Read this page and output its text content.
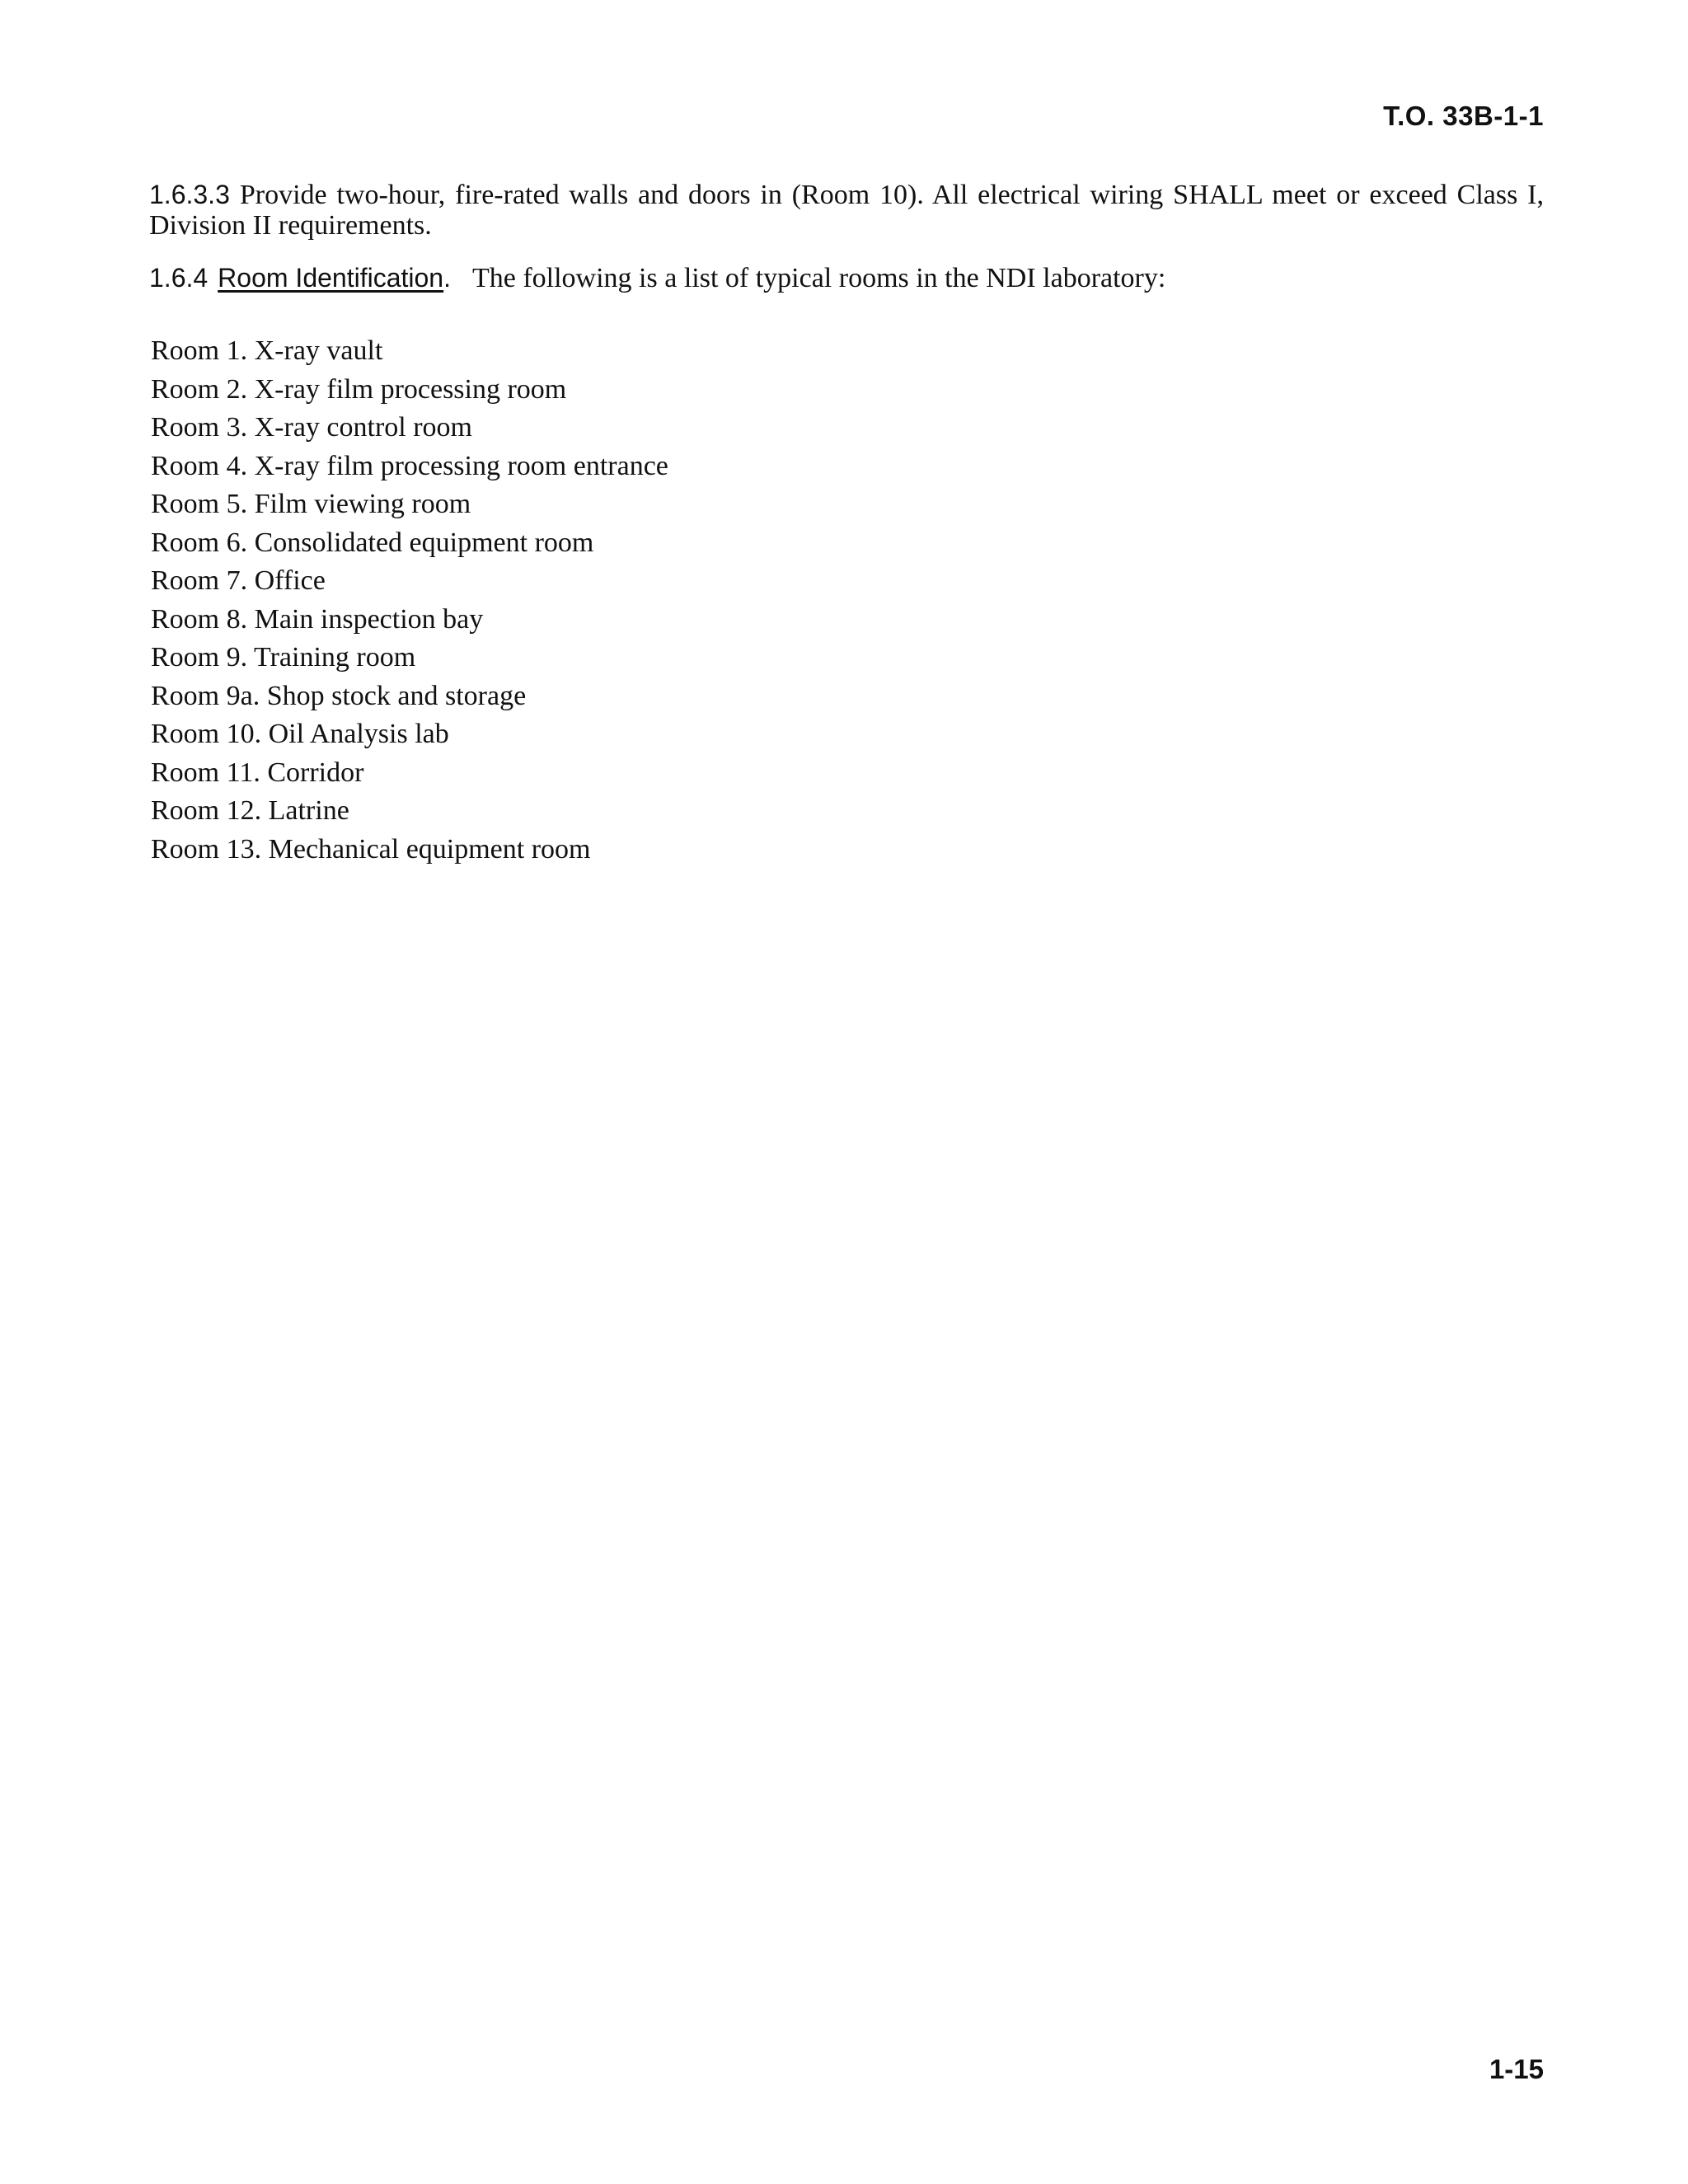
T.O. 33B-1-1

1.6.3.3 Provide two-hour, fire-rated walls and doors in (Room 10). All electrical wiring SHALL meet or exceed Class I, Division II requirements.

1.6.4 Room Identification. The following is a list of typical rooms in the NDI laboratory:

Room 1. X-ray vault
Room 2. X-ray film processing room
Room 3. X-ray control room
Room 4. X-ray film processing room entrance
Room 5. Film viewing room
Room 6. Consolidated equipment room
Room 7. Office
Room 8. Main inspection bay
Room 9. Training room
Room 9a. Shop stock and storage
Room 10. Oil Analysis lab
Room 11. Corridor
Room 12. Latrine
Room 13. Mechanical equipment room
1-15
